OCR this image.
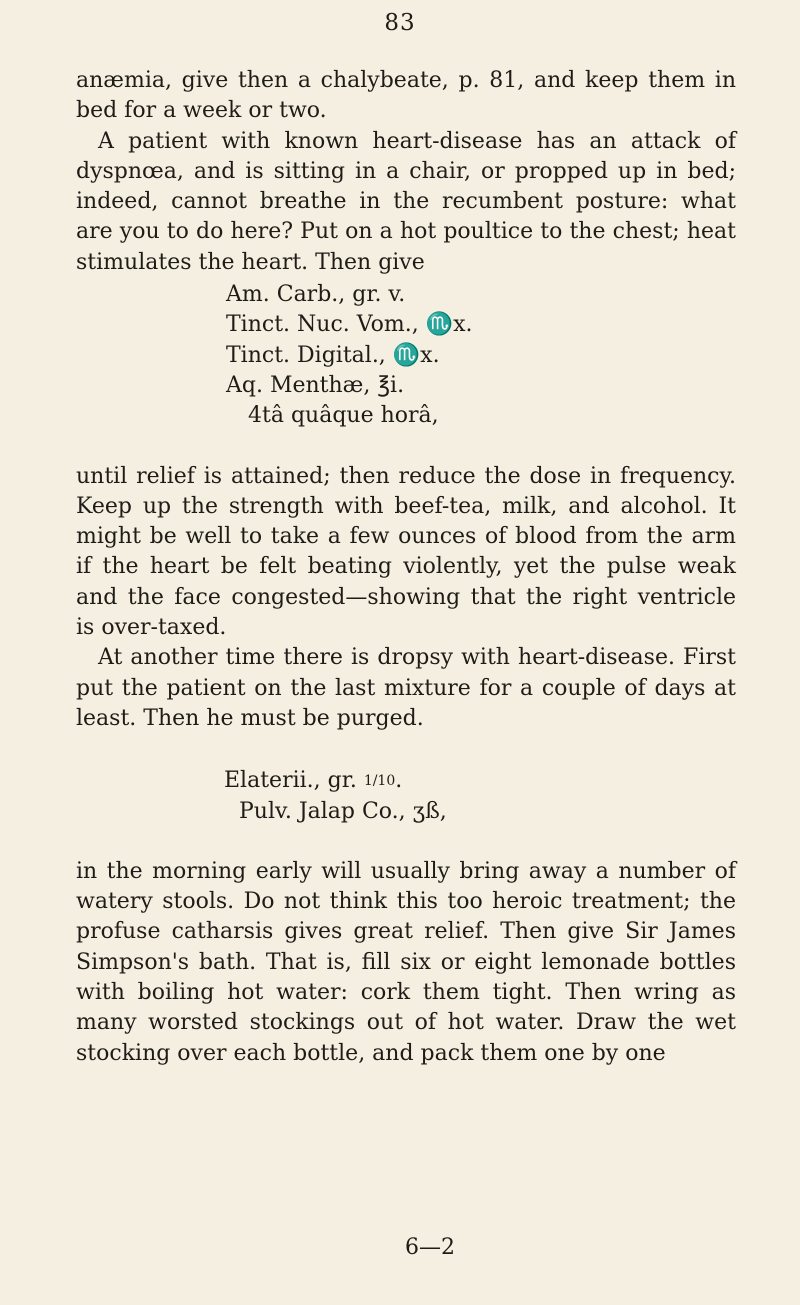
83

anæmia, give then a chalybeate, p. 81, and keep them in bed for a week or two.

A patient with known heart-disease has an attack of dyspnœa, and is sitting in a chair, or propped up in bed; indeed, cannot breathe in the recumbent posture: what are you to do here? Put on a hot poultice to the chest; heat stimulates the heart. Then give

Am. Carb., gr. v.
Tinct. Nuc. Vom., ♏x.
Tinct. Digital., ♏x.
Aq. Menthæ, ℥i.
4tâ quâque horâ,

until relief is attained; then reduce the dose in frequency. Keep up the strength with beef-tea, milk, and alcohol. It might be well to take a few ounces of blood from the arm if the heart be felt beating violently, yet the pulse weak and the face congested—showing that the right ventricle is over-taxed.

At another time there is dropsy with heart-disease. First put the patient on the last mixture for a couple of days at least. Then he must be purged.

Elaterii., gr. 1/10.
Pulv. Jalap Co., ʒß,

in the morning early will usually bring away a number of watery stools. Do not think this too heroic treatment; the profuse catharsis gives great relief. Then give Sir James Simpson's bath. That is, fill six or eight lemonade bottles with boiling hot water: cork them tight. Then wring as many worsted stockings out of hot water. Draw the wet stocking over each bottle, and pack them one by one

6—2
